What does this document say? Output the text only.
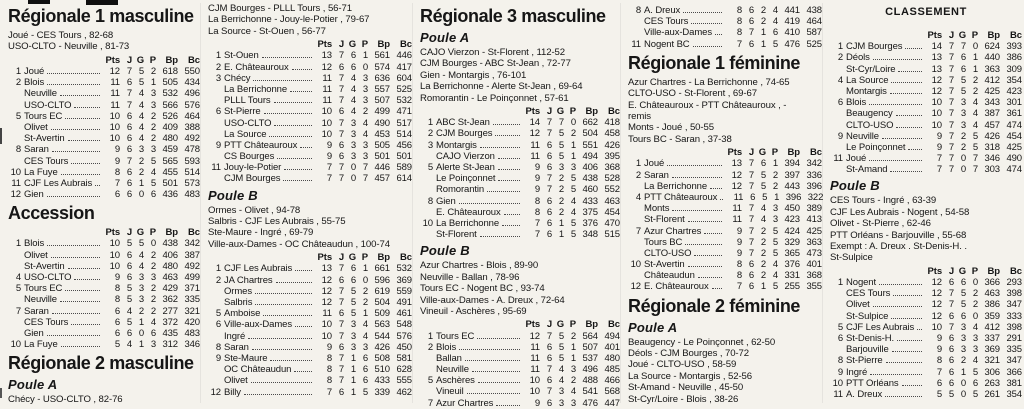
Régionale 1 masculine
Joué - CES Tours , 82-68
USO-CLTO - Neuville , 81-73
Pts J G P	Bp	Bc
1 Joué	12 7 5 2 618 550
2 Blois	11 6 5 1 505 434
Neuville	11 7 4 3 532 496
USO-CLTO	11 7 4 3 566 576
5 Tours EC	10 6 4 2 526 464
Olivet	10 6 4 2 409 388
St-Avertin	10 6 4 2 480 492
8 Saran	9 6 3 3 459 478
CES Tours	9 7 2 5 565 593
10 La Fuye	8 6 2 4 455 514
11 CJF Les Aubrais	7 6 1 5 501 573
12 Gien	6 6 0 6 436 483
Accession
Pts J G P	Bp	Bc
1 Blois	10 5 5 0 438 342
Olivet	10 6 4 2 406 387
St-Avertin	10 6 4 2 480 492
4 USO-CLTO	9 6 3 3 463 499
5 Tours EC	8 5 3 2 429 371
Neuville	8 5 3 2 362 335
7 Saran	6 4 2 2 277 321
CES Tours	6 5 1 4 372 420
Gien	6 6 0 6 435 483
10 La Fuye	5 4 1 3 312 346
Régionale 2 masculine
Poule A
Chécy - USO-CLTO , 82-76
CJM Bourges - PLLL Tours , 56-71
La Berrichonne - Jouy-le-Potier , 79-67
La Source - St-Ouen , 56-77
Pts J G P	Bp	Bc
1 St-Ouen	13 7 6 1 561 446
2 E. Châteauroux	12 6 6 0 574 417
3 Chécy	11 7 4 3 636 604
La Berrichonne	11 7 4 3 557 525
PLLL Tours	11 7 4 3 507 532
6 St-Pierre	10 6 4 2 499 471
USO-CLTO	10 7 3 4 490 517
La Source	10 7 3 4 453 514
9 PTT Châteauroux	9 6 3 3 505 456
CS Bourges	9 6 3 3 501 501
11 Jouy-le-Potier	7 7 0 7 446 589
CJM Bourges	7 7 0 7 457 614
Poule B
Ormes - Olivet , 94-78
Salbris - CJF Les Aubrais , 55-75
Ste-Maure - Ingré , 69-79
Ville-aux-Dames - OC Châteaudun , 100-74
Pts J G P	Bp	Bc
1 CJF Les Aubrais	13 7 6 1 661 532
2 JA Chartres	12 6 6 0 596 369
Ormes	12 7 5 2 619 559
Salbris	12 7 5 2 504 491
5 Amboise	11 6 5 1 509 461
6 Ville-aux-Dames	10 7 3 4 563 548
Ingré	10 7 3 4 544 576
8 Saran	9 6 3 3 426 450
9 Ste-Maure	8 7 1 6 508 581
OC Châteaudun	8 7 1 6 510 628
Olivet	8 7 1 6 433 555
12 Billy	7 6 1 5 339 462
Régionale 3 masculine
Poule A
CAJO Vierzon - St-Florent , 112-52
CJM Bourges - ABC St-Jean , 72-77
Gien - Montargis , 76-101
La Berrichonne - Alerte St-Jean , 69-64
Romorantin - Le Poinçonnet , 57-61
Pts J G P	Bp	Bc
1 ABC St-Jean	14 7 7 0 662 418
2 CJM Bourges	12 7 5 2 504 458
3 Montargis	11 6 5 1 551 426
CAJO Vierzon	11 6 5 1 494 395
5 Alerte St-Jean	9 6 3 3 406 368
Le Poinçonnet	9 7 2 5 438 528
Romorantin	9 7 2 5 460 552
8 Gien	8 6 2 4 433 463
E. Châteauroux	8 6 2 4 375 454
10 La Berrichonne	7 6 1 5 376 470
St-Florent	7 6 1 5 348 515
Poule B
Azur Chartres - Blois , 89-90
Neuville - Ballan , 78-96
Tours EC - Nogent BC , 93-74
Ville-aux-Dames - A. Dreux , 72-64
Vineuil - Aschères , 95-69
Pts J G P	Bp	Bc
1 Tours EC	12 7 5 2 564 494
2 Blois	11 6 5 1 507 401
Ballan	11 6 5 1 537 480
Neuville	11 7 4 3 496 485
5 Aschères	10 6 4 2 488 466
Vineuil	10 7 3 4 541 568
7 Azur Chartres	9 6 3 3 476 447
8 A. Dreux	8 6 2 4 441 438
CES Tours	8 6 2 4 419 464
Ville-aux-Dames	8 7 1 6 410 587
11 Nogent BC	7 6 1 5 476 525
Régionale 1 féminine
Azur Chartres - La Berrichonne , 74-65
CLTO-USO - St-Florent , 69-67
E. Châteauroux - PTT Châteauroux , -
remis
Monts - Joué , 50-55
Tours BC - Saran , 37-38
Pts J G P	Bp	Bc
1 Joué	13 7 6 1 394 342
2 Saran	12 7 5 2 397 336
La Berrichonne	12 7 5 2 443 396
4 PTT Châteauroux	11 6 5 1 396 322
Monts	11 7 4 3 450 389
St-Florent	11 7 4 3 423 413
7 Azur Chartres	9 7 2 5 424 425
Tours BC	9 7 2 5 329 363
CLTO-USO	9 7 2 5 365 473
10 St-Avertin	8 6 2 4 376 401
Châteaudun	8 6 2 4 331 368
12 E. Châteauroux	7 6 1 5 255 355
Régionale 2 féminine
Poule A
Beaugency - Le Poinçonnet , 62-50
Déols - CJM Bourges , 70-72
Joué - CLTO-USO , 58-59
La Source - Montargis , 52-56
St-Amand - Neuville , 45-50
St-Cyr/Loire - Blois , 38-26
CLASSEMENT
Pts J G P	Bp	Bc
1 CJM Bourges	14 7 7 0 624 393
2 Déols	13 7 6 1 440 386
St-Cyr/Loire	13 7 6 1 363 309
4 La Source	12 7 5 2 412 354
Montargis	12 7 5 2 425 423
6 Blois	10 7 3 4 343 301
Beaugency	10 7 3 4 387 361
CLTO-USO	10 7 3 4 457 474
9 Neuville	9 7 2 5 426 454
Le Poinçonnet	9 7 2 5 318 425
11 Joué	7 7 0 7 346 490
St-Amand	7 7 0 7 303 474
Poule B
CES Tours - Ingré , 63-39
CJF Les Aubrais - Nogent , 54-58
Olivet - St-Pierre , 62-46
PTT Orléans - Barjouville , 55-68
Exempt : A. Dreux . St-Denis-H. .
St-Sulpice
Pts J G P	Bp	Bc
1 Nogent	12 6 6 0 366 293
CES Tours	12 7 5 2 463 398
Olivet	12 7 5 2 386 347
St-Sulpice	12 6 6 0 359 333
5 CJF Les Aubrais	10 7 3 4 412 398
6 St-Denis-H.	9 6 3 3 337 291
Barjouville	9 6 3 3 369 335
8 St-Pierre	8 6 2 4 321 347
9 Ingré	7 6 1 5 306 366
10 PTT Orléans	6 6 0 6 263 381
11 A. Dreux	5 5 0 5 261 354
